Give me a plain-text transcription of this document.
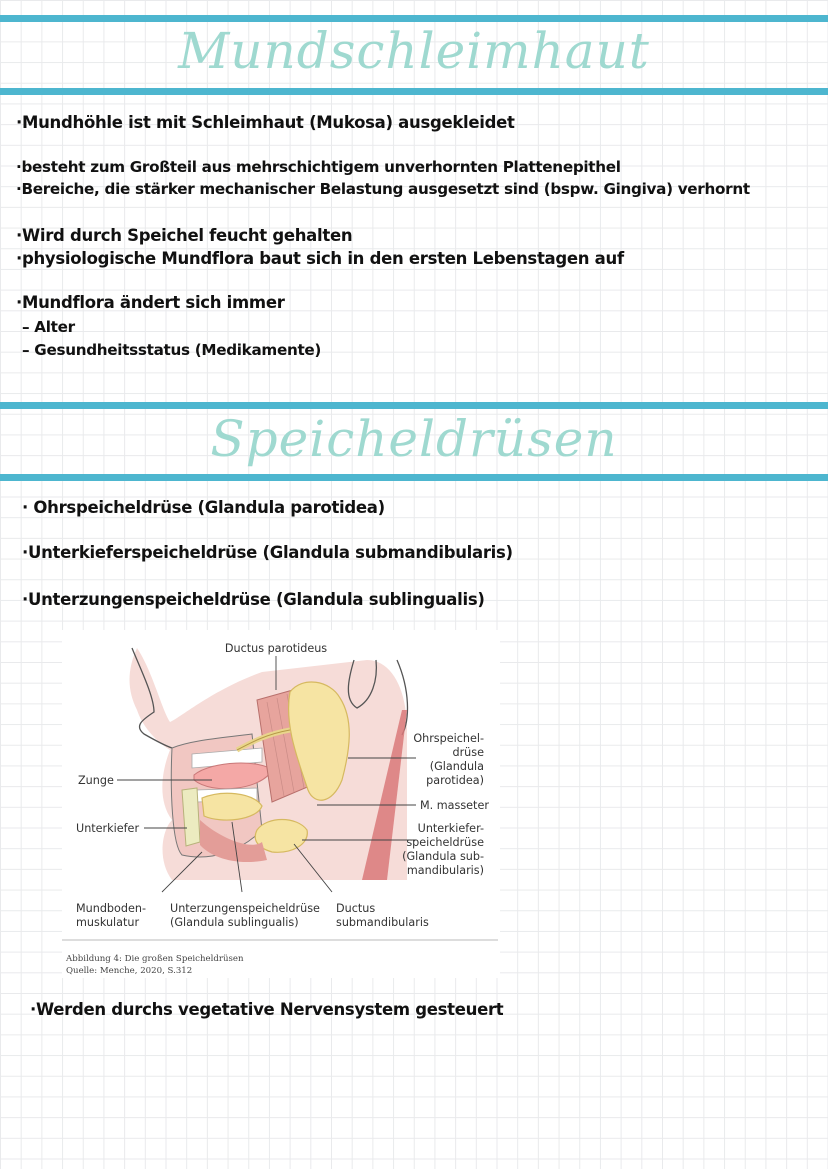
Mundschleimhaut
·Mundhöhle ist mit Schleimhaut (Mukosa) ausgekleidet
·besteht zum Großteil aus mehrschichtigem unverhornten Plattenepithel
·Bereiche, die stärker mechanischer Belastung ausgesetzt sind (bspw. Gingiva) verhornt
·Wird durch Speichel feucht gehalten
·physiologische Mundflora baut sich in den ersten Lebenstagen auf
·Mundflora ändert sich immer
– Alter
– Gesundheitsstatus (Medikamente)
Speicheldrüsen
· Ohrspeicheldrüse (Glandula parotidea)
·Unterkieferspeicheldrüse (Glandula submandibularis)
·Unterzungenspeicheldrüse (Glandula sublingualis)
Ductus parotideus
Ohrspeichel-
drüse
(Glandula
parotidea)
Zunge
M. masseter
Unterkiefer	Unterkiefer-
speicheldrüse
(Glandula sub-
mandibularis)
Mundboden-
muskulatur
Unterzungenspeicheldrüse
(Glandula sublingualis)
Ductus
submandibularis
Abbildung 4: Die großen Speicheldrüsen
Quelle: Menche, 2020, S.312
·Werden durchs vegetative Nervensystem gesteuert
